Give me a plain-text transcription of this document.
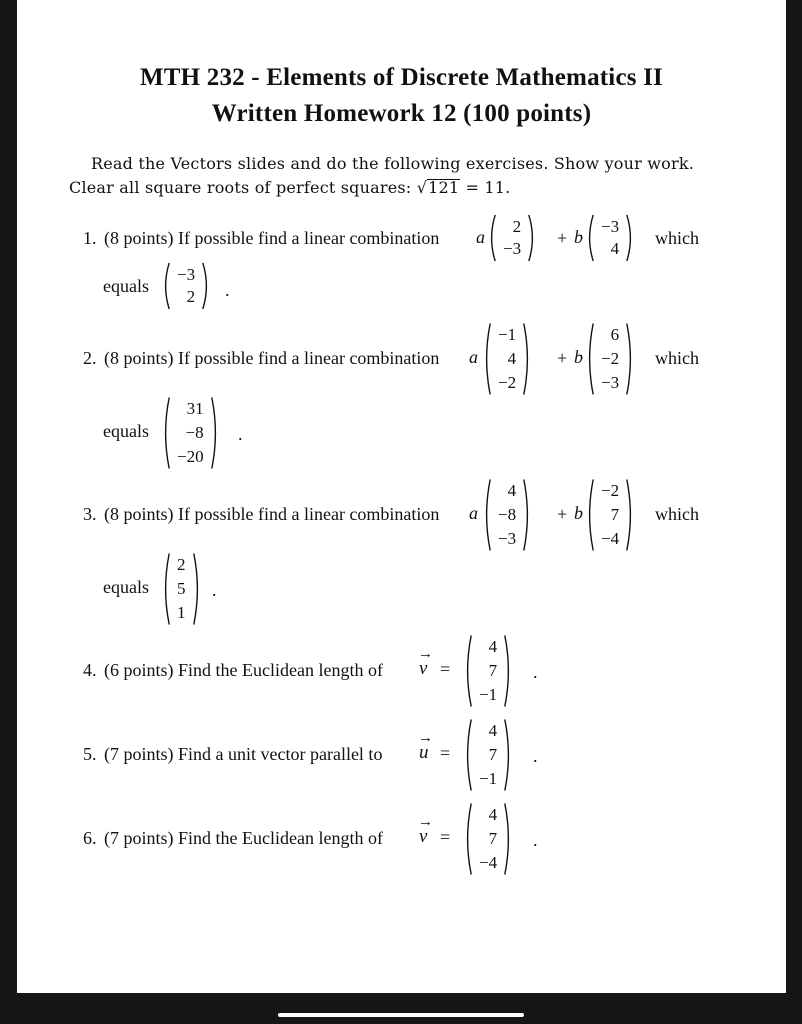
MTH 232 - Elements of Discrete Mathematics II
Written Homework 12 (100 points)
Read the Vectors slides and do the following exercises. Show your work.
Clear all square roots of perfect squares: √121 = 11.
1. (8 points) If possible find a linear combination a
2
−3
+ b
−3
4
which
equals
−3
2 .
2. (8 points) If possible find a linear combination a
−1
4
−2
+ b
6
−2
−3
which
equals
31
−8
−20
.
3. (8 points) If possible find a linear combination a
4
−8
−3
+ b
−2
7
−4
which
equals
2
5
1
.
4. (6 points) Find the Euclidean length of
→
v =
4
7
−1
.
5. (7 points) Find a unit vector parallel to
→
u =
4
7
−1
.
6. (7 points) Find the Euclidean length of
→
v =
4
7
−4
.
